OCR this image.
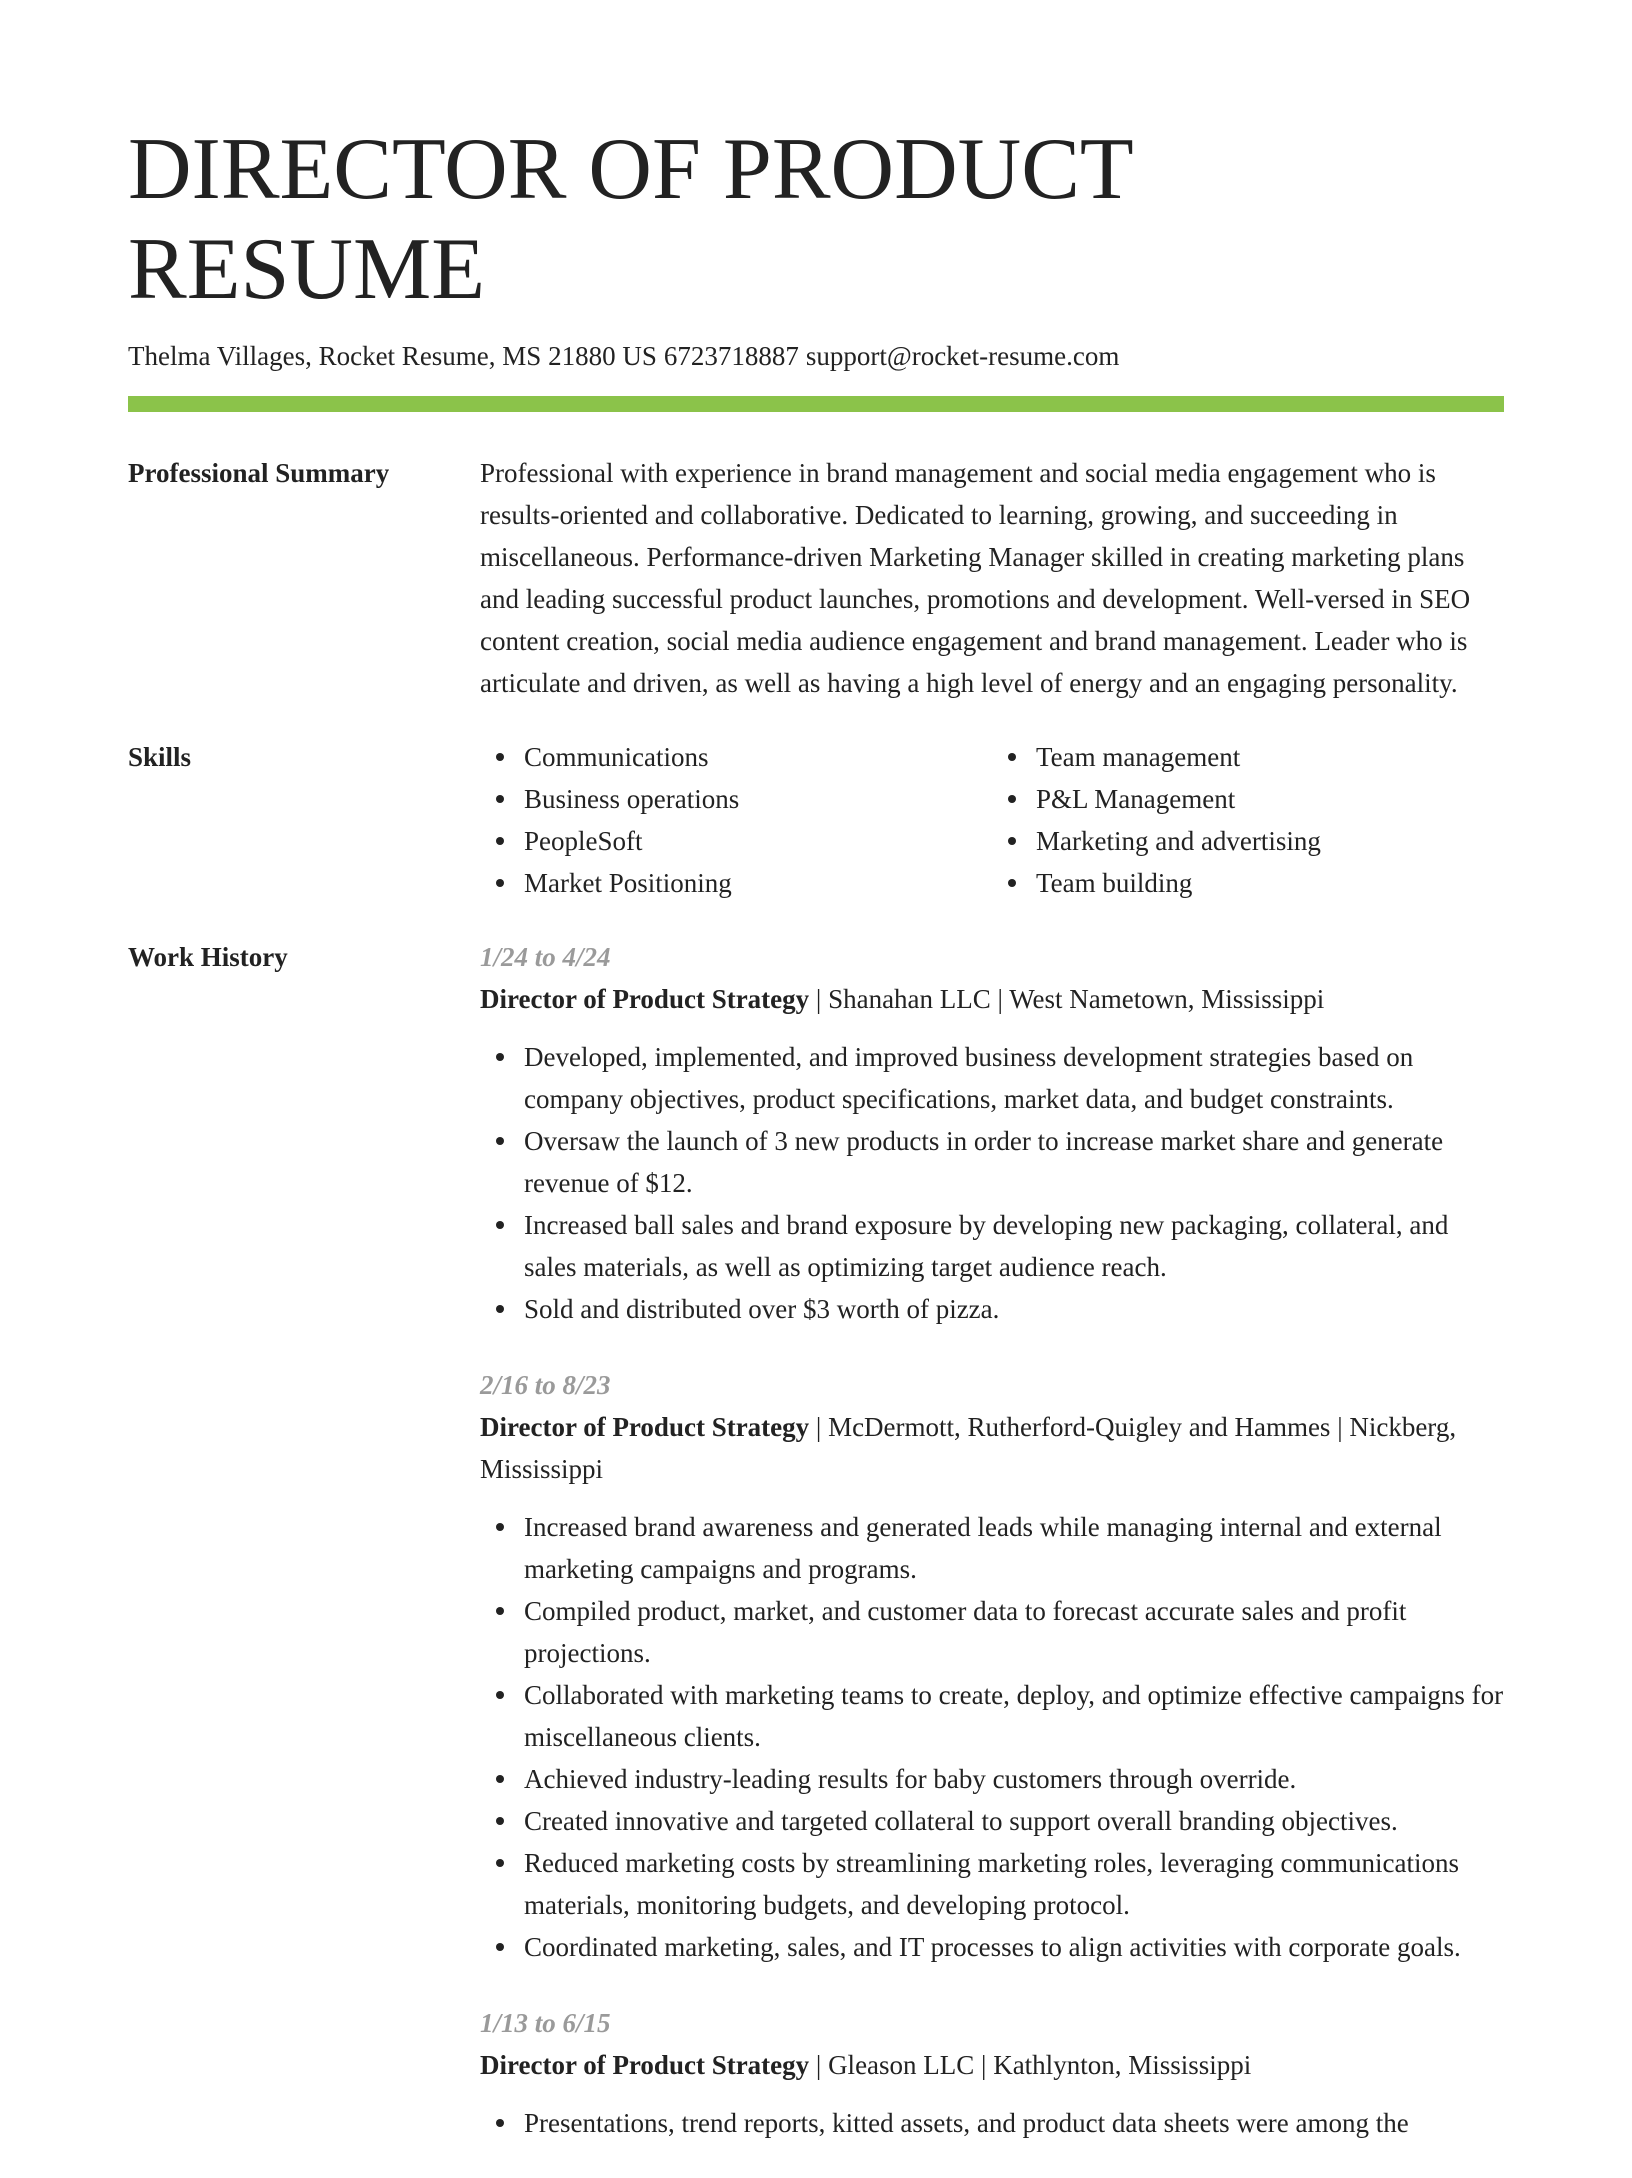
DIRECTOR OF PRODUCT RESUME
Thelma Villages, Rocket Resume, MS 21880 US 6723718887 support@rocket-resume.com
Professional Summary	Professional with experience in brand management and social media engagement who is results-oriented and collaborative. Dedicated to learning, growing, and succeeding in miscellaneous. Performance-driven Marketing Manager skilled in creating marketing plans and leading successful product launches, promotions and development. Well-versed in SEO content creation, social media audience engagement and brand management. Leader who is articulate and driven, as well as having a high level of energy and an engaging personality.

Skills	Communications
Business operations
PeopleSoft
Market Positioning
Team management
P&L Management
Marketing and advertising
Team building
Work History	1/24 to 4/24
Director of Product Strategy | Shanahan LLC | West Nametown, Mississippi
Developed, implemented, and improved business development strategies based on company objectives, product specifications, market data, and budget constraints.
Oversaw the launch of 3 new products in order to increase market share and generate revenue of $12.
Increased ball sales and brand exposure by developing new packaging, collateral, and sales materials, as well as optimizing target audience reach.
Sold and distributed over $3 worth of pizza.
2/16 to 8/23
Director of Product Strategy | McDermott, Rutherford-Quigley and Hammes | Nickberg, Mississippi
Increased brand awareness and generated leads while managing internal and external marketing campaigns and programs.
Compiled product, market, and customer data to forecast accurate sales and profit projections.
Collaborated with marketing teams to create, deploy, and optimize effective campaigns for miscellaneous clients.
Achieved industry-leading results for baby customers through override.
Created innovative and targeted collateral to support overall branding objectives.
Reduced marketing costs by streamlining marketing roles, leveraging communications materials, monitoring budgets, and developing protocol.
Coordinated marketing, sales, and IT processes to align activities with corporate goals.
1/13 to 6/15
Director of Product Strategy | Gleason LLC | Kathlynton, Mississippi
Presentations, trend reports, kitted assets, and product data sheets were among the
